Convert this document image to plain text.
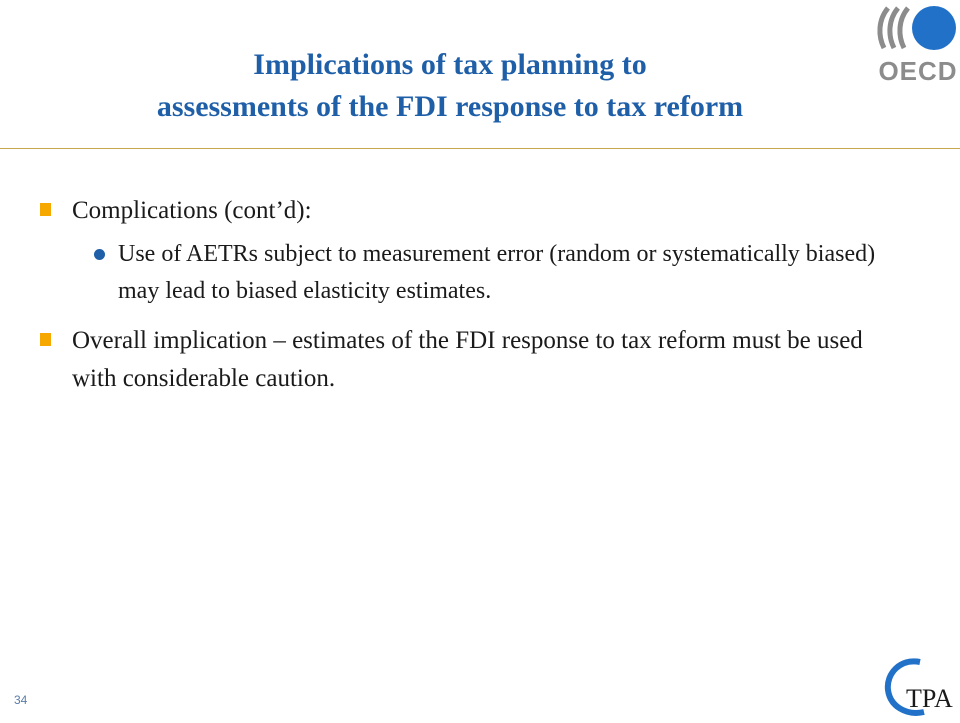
Implications of tax planning to
assessments of the FDI response to tax reform
OECD
Complications (cont’d):
Use of AETRs subject to measurement error (random or systematically biased) may lead to biased elasticity estimates.
Overall implication – estimates of the FDI response to tax reform must be used with considerable caution.
34	TPA
